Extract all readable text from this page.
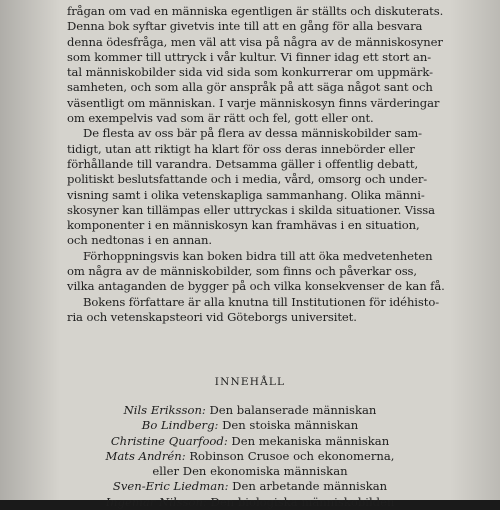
frågan om vad en människa egentligen är ställts och diskuterats.
Denna bok syftar givetvis inte till att en gång för alla besvara
denna ödesfråga, men väl att visa på några av de människosyner
som kommer till uttryck i vår kultur. Vi finner idag ett stort an-
tal människobilder sida vid sida som konkurrerar om uppmärk-
samheten, och som alla gör anspråk på att säga något sant och
väsentligt om människan. I varje människosyn finns värderingar
om exempelvis vad som är rätt och fel, gott eller ont.
De flesta av oss bär på flera av dessa människobilder sam-
tidigt, utan att riktigt ha klart för oss deras innebörder eller
förhållande till varandra. Detsamma gäller i offentlig debatt,
politiskt beslutsfattande och i media, vård, omsorg och under-
visning samt i olika vetenskapliga sammanhang. Olika männi-
skosyner kan tillämpas eller uttryckas i skilda situationer. Vissa
komponenter i en människosyn kan framhävas i en situation,
och nedtonas i en annan.
Förhoppningsvis kan boken bidra till att öka medvetenheten
om några av de människobilder, som finns och påverkar oss,
vilka antaganden de bygger på och vilka konsekvenser de kan få.
Bokens författare är alla knutna till Institutionen för idéhisto-
ria och vetenskapsteori vid Göteborgs universitet.
INNEHÅLL
Nils Eriksson: Den balanserade människan
Bo Lindberg: Den stoiska människan
Christine Quarfood: Den mekaniska människan
Mats Andrén: Robinson Crusoe och ekonomerna,
eller Den ekonomiska människan
Sven-Eric Liedman: Den arbetande människan
Ingemar Nilsson: Den biologiska människobilden
